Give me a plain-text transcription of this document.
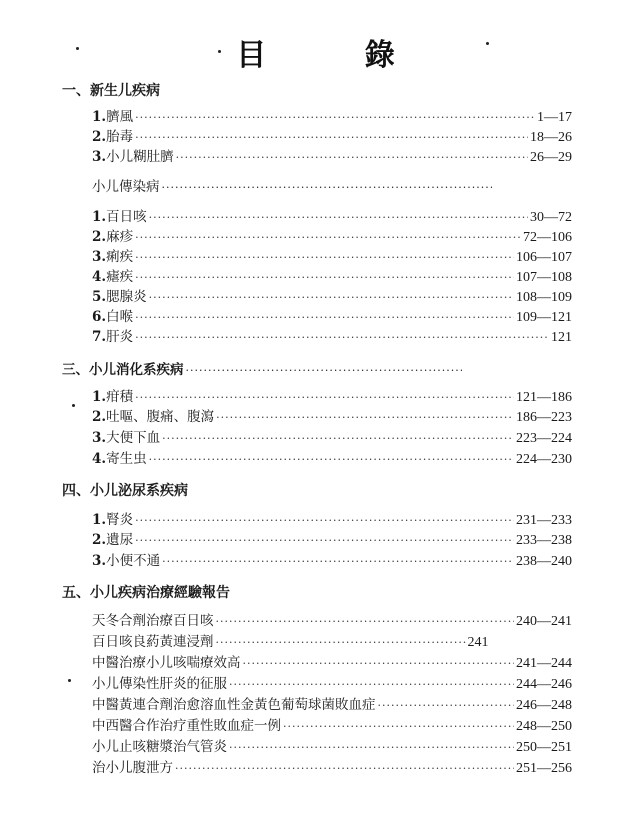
目 錄
一、新生儿疾病
1. 臍風 ·····	1—17
2. 胎毒 ·····	18—26
3. 小儿糊肚臍 ·····	26—29
小儿傳染病
·····
1. 百日咳 ·····	30—72
2. 麻疹 ·····	72—106
3. 痢疾 ·····	106—107
4. 瘧疾 ·····	107—108
5. 腮腺炎 ·····	108—109
6. 白喉 ·····	109—121
7. 肝炎 ·····	121
三、小儿消化系疾病
·····
1. 疳積 ·····	121—186
2. 吐嘔、腹痛、腹瀉 ·····	186—223
3. 大便下血 ·····	223—224
4. 寄生虫 ·····	224—230
四、小儿泌尿系疾病
1. 腎炎 ·····	231—233
2. 遺尿 ·····	233—238
3. 小便不通 ·····	238—240
五、小儿疾病治療經驗報告
天冬合劑治療百日咳 ·····	240—241
百日咳良葯黃連浸劑 ·····	241
中醫治療小儿咳喘療效高 ·····	241—244
小儿傳染性肝炎的征服 ·····	244—246
中醫黃連合劑治愈溶血性金黃色葡萄球菌敗血症 ·····	246—248
中西醫合作治疗重性敗血症一例 ·····	248—250
小儿止咳糖漿治气管炎 ·····	250—251
治小儿腹泄方 ·····	251—256
